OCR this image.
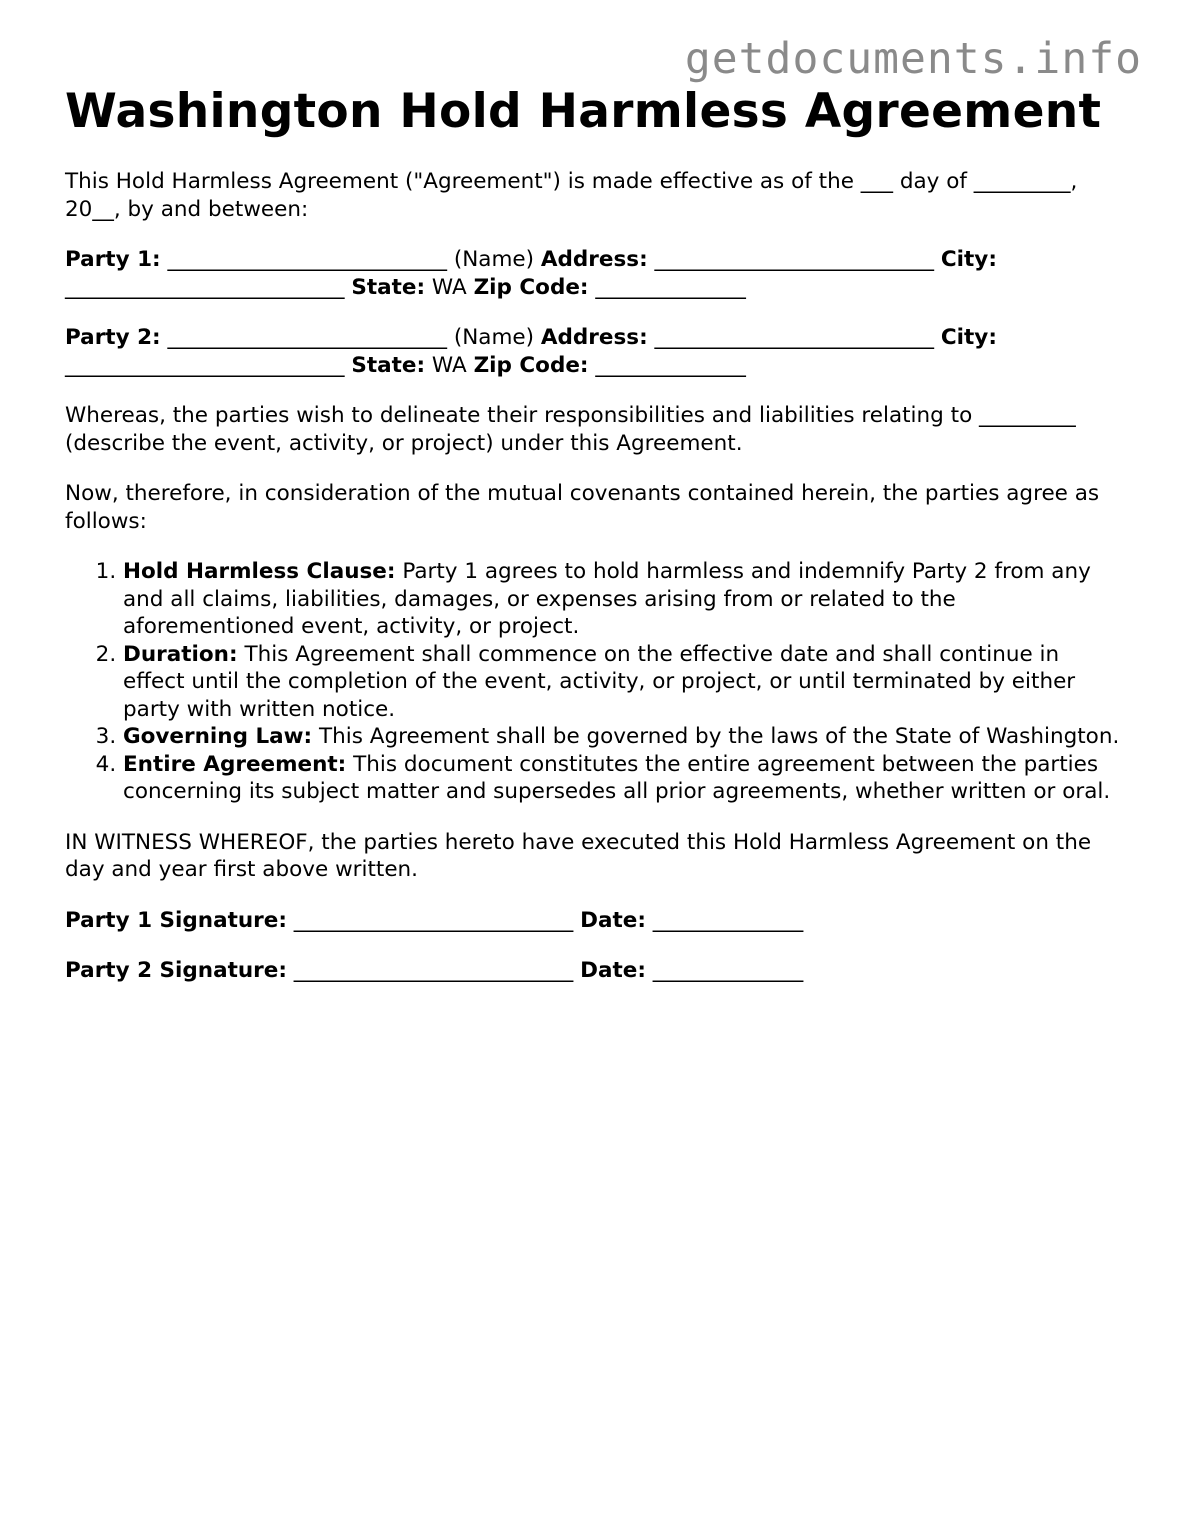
getdocuments.info
Washington Hold Harmless Agreement

This Hold Harmless Agreement ("Agreement") is made effective as of the ___ day of _________, 20__, by and between:

Party 1: __________________________ (Name) Address: __________________________ City: __________________________ State: WA Zip Code: ______________

Party 2: __________________________ (Name) Address: __________________________ City: __________________________ State: WA Zip Code: ______________

Whereas, the parties wish to delineate their responsibilities and liabilities relating to _________ (describe the event, activity, or project) under this Agreement.

Now, therefore, in consideration of the mutual covenants contained herein, the parties agree as follows:

1. Hold Harmless Clause: Party 1 agrees to hold harmless and indemnify Party 2 from any and all claims, liabilities, damages, or expenses arising from or related to the aforementioned event, activity, or project.
2. Duration: This Agreement shall commence on the effective date and shall continue in effect until the completion of the event, activity, or project, or until terminated by either party with written notice.
3. Governing Law: This Agreement shall be governed by the laws of the State of Washington.
4. Entire Agreement: This document constitutes the entire agreement between the parties concerning its subject matter and supersedes all prior agreements, whether written or oral.

IN WITNESS WHEREOF, the parties hereto have executed this Hold Harmless Agreement on the day and year first above written.

Party 1 Signature: __________________________ Date: ______________

Party 2 Signature: __________________________ Date: ______________
